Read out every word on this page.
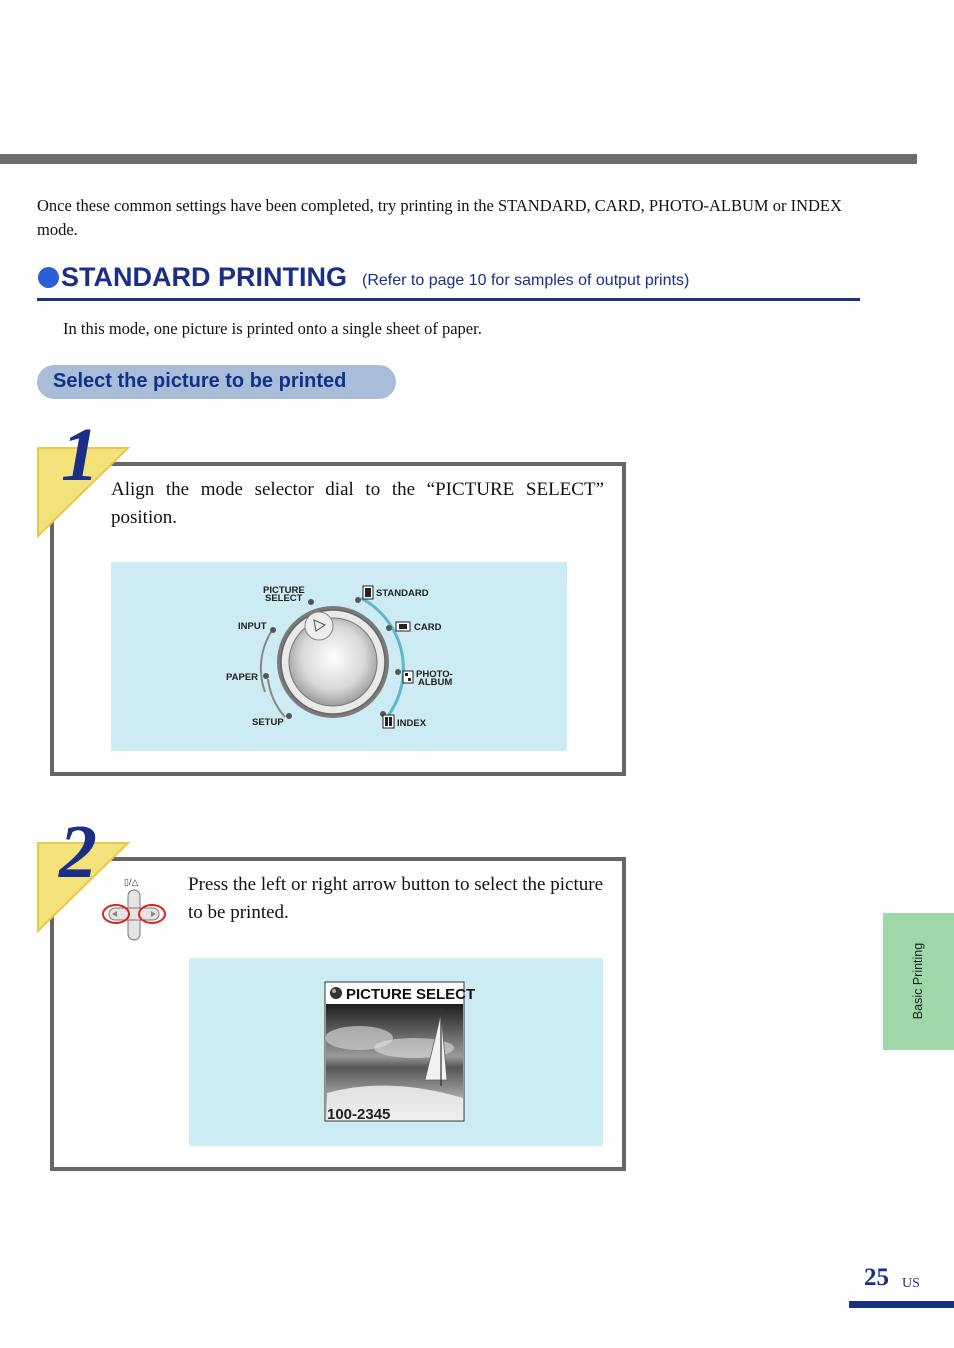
Once these common settings have been completed, try printing in the STANDARD, CARD, PHOTO-ALBUM or INDEX mode.
STANDARD PRINTING (Refer to page 10 for samples of output prints)
In this mode, one picture is printed onto a single sheet of paper.
Select the picture to be printed
1 Align the mode selector dial to the “PICTURE SELECT” position.
PICTURE
SELECT
INPUT
PAPER
SETUP
STANDARD
CARD
PHOTO-
ALBUM
INDEX
2	▯/△	Press the left or right arrow button to select the picture to be printed.
PICTURE SELECT
100-2345
Basic Printing
25 US
